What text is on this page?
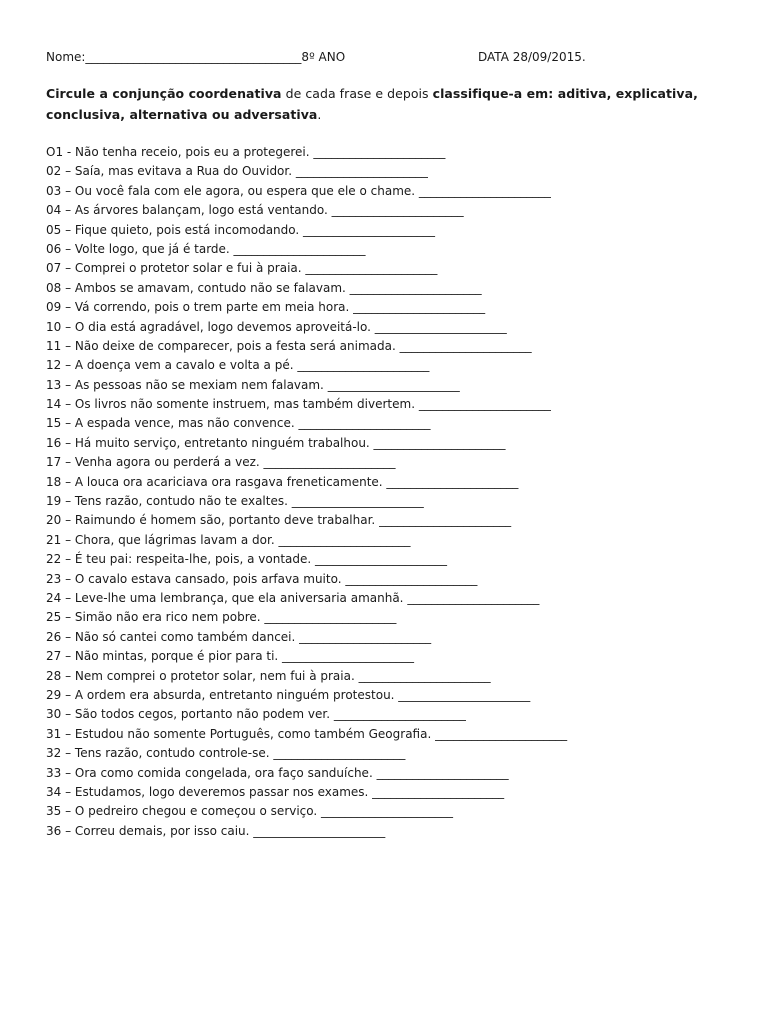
Nome:____________________________________8º ANO	DATA 28/09/2015.
Circule a conjunção coordenativa de cada frase e depois classifique-a em: aditiva, explicativa, conclusiva, alternativa ou adversativa.
O1 - Não tenha receio, pois eu a protegerei. ______________________
02 – Saía, mas evitava a Rua do Ouvidor. ______________________
03 – Ou você fala com ele agora, ou espera que ele o chame. ______________________
04 – As árvores balançam, logo está ventando. ______________________
05 – Fique quieto, pois está incomodando. ______________________
06 – Volte logo, que já é tarde. ______________________
07 – Comprei o protetor solar e fui à praia. ______________________
08 – Ambos se amavam, contudo não se falavam. ______________________
09 – Vá correndo, pois o trem parte em meia hora. ______________________
10 – O dia está agradável, logo devemos aproveitá-lo. ______________________
11 – Não deixe de comparecer, pois a festa será animada. ______________________
12 – A doença vem a cavalo e volta a pé. ______________________
13 – As pessoas não se mexiam nem falavam. ______________________
14 – Os livros não somente instruem, mas também divertem. ______________________
15 – A espada vence, mas não convence. ______________________
16 – Há muito serviço, entretanto ninguém trabalhou. ______________________
17 – Venha agora ou perderá a vez. ______________________
18 – A louca ora acariciava ora rasgava freneticamente. ______________________
19 – Tens razão, contudo não te exaltes. ______________________
20 – Raimundo é homem são, portanto deve trabalhar. ______________________
21 – Chora, que lágrimas lavam a dor. ______________________
22 – É teu pai: respeita-lhe, pois, a vontade. ______________________
23 – O cavalo estava cansado, pois arfava muito. ______________________
24 – Leve-lhe uma lembrança, que ela aniversaria amanhã. ______________________
25 – Simão não era rico nem pobre. ______________________
26 – Não só cantei como também dancei. ______________________
27 – Não mintas, porque é pior para ti. ______________________
28 – Nem comprei o protetor solar, nem fui à praia. ______________________
29 – A ordem era absurda, entretanto ninguém protestou. ______________________
30 – São todos cegos, portanto não podem ver. ______________________
31 – Estudou não somente Português, como também Geografia. ______________________
32 – Tens razão, contudo controle-se. ______________________
33 – Ora como comida congelada, ora faço sanduíche. ______________________
34 – Estudamos, logo deveremos passar nos exames. ______________________
35 – O pedreiro chegou e começou o serviço. ______________________
36 – Correu demais, por isso caiu. ______________________
